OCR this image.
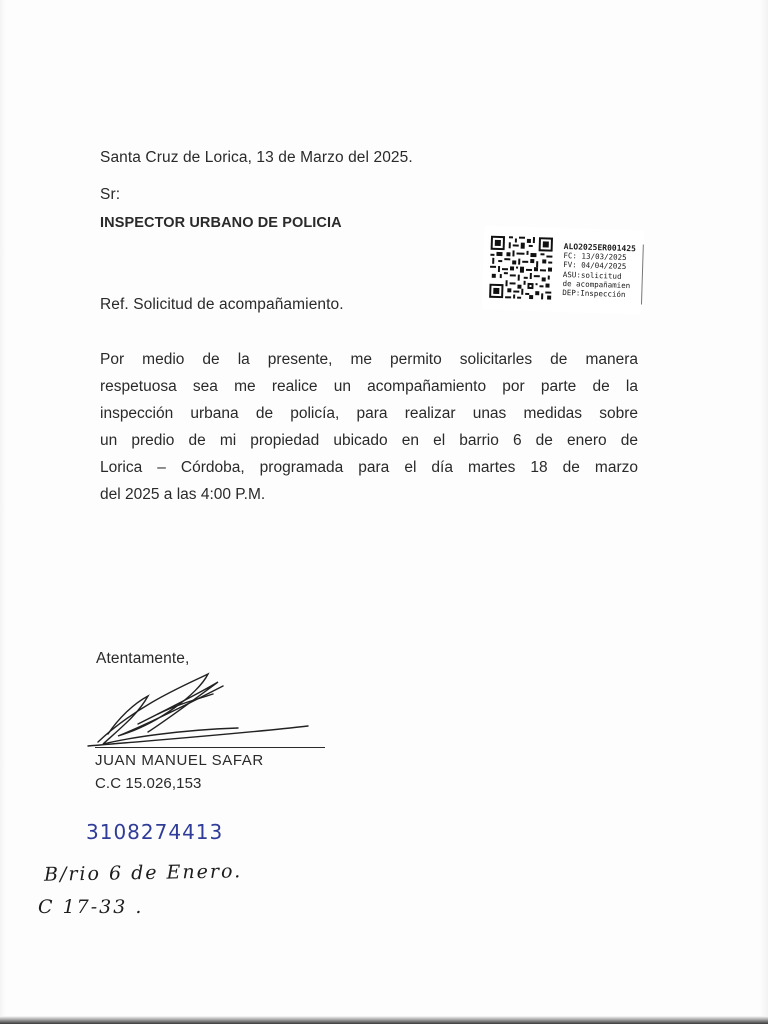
Santa Cruz de Lorica, 13 de Marzo del 2025.
Sr:
INSPECTOR URBANO DE POLICIA
ALO2025ER001425
FC: 13/03/2025
FV: 04/04/2025
ASU:solicitud
de acompañamien
DEP:Inspección
Ref. Solicitud de acompañamiento.
Por medio de la presente, me permito solicitarles de manera
respetuosa sea me realice un acompañamiento por parte de la
inspección urbana de policía, para realizar unas medidas sobre
un predio de mi propiedad ubicado en el barrio 6 de enero de
Lorica – Córdoba, programada para el día martes 18 de marzo
del 2025 a las 4:00 P.M.
Atentamente,
JUAN MANUEL SAFAR
C.C 15.026,153
3108274413
B/rio 6 de Enero.
C 17-33 .
